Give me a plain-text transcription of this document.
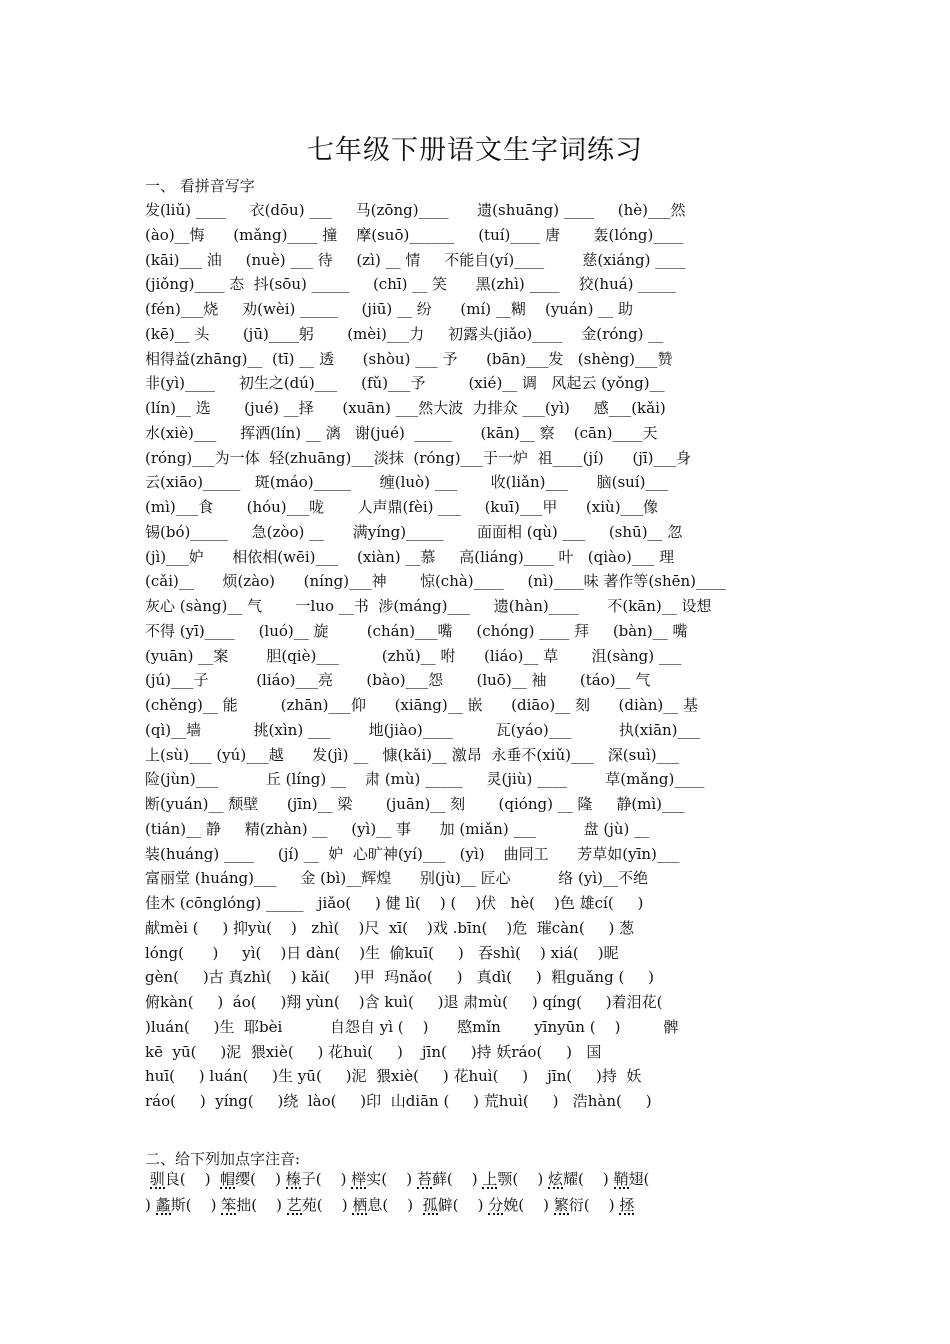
七年级下册语文生字词练习
一、 看拼音写字
发(liǔ) ____     衣(dōu) ___     马(zōng)____      遗(shuāng) ____     (hè)___然
(ào)__悔      (mǎng)____ 撞    摩(suō)______     (tuí)____ 唐       轰(lóng)____
(kāi)___ 油     (nuè) ___ 待     (zì) __ 情     不能自(yí)____        慈(xiáng) ____
(jiǒng)____ 态  抖(sōu) _____     (chī) __ 笑      黑(zhì) ____    狡(huá) _____
(fén)___烧     劝(wèi) _____     (jiū) __ 纷      (mí) __糊    (yuán) __ 助
(kē)__ 头       (jū)____躬       (mèi)___力     初露头(jiǎo)____    金(róng) __
相得益(zhāng)__  (tī) __ 透      (shòu) ___ 予      (bān)___发   (shèng)___赞
非(yì)____     初生之(dú)___     (fǔ)___予         (xié)__ 调   风起云 (yǒng)__
(lín)__ 选       (jué) __择      (xuān) ___然大波  力排众 ___(yì)     感___(kǎi)
水(xiè)___     挥洒(lín) __ 漓   谢(jué)  _____      (kān)__ 察    (cān)____天
(róng)___为一体  轻(zhuāng)___淡抹  (róng)___于一炉  祖____(jí)      (jī)___身
云(xiāo)_____   斑(máo)_____      缠(luò) ___       收(liǎn)___      脑(suí)___
(mì)___食       (hóu)___咙       人声鼎(fèi) ___     (kuī)___甲      (xiù)___像
锡(bó)_____     急(zòo) __      满yíng)_____       面面相 (qù) ___     (shū)__ 忽
(jì)___妒      相依相(wēi)___    (xiàn) __慕     高(liáng)____ 叶   (qiào)___ 理
(cǎi)__      烦(zào)      (níng)___神       惊(chà)____     (nì)____味 著作等(shēn)____
灰心 (sàng)__ 气       一luo __书  涉(máng)___     遗(hàn)____      不(kān)__ 设想
不得 (yī)____     (luó)__ 旋        (chán)___嘴     (chóng) ____ 拜     (bàn)__ 嘴
(yuān) __案        胆(qiè)___         (zhǔ)__ 咐      (liáo)__ 草       沮(sàng) ___
(jú)___子          (liáo)___亮       (bào)___怨       (luō)__ 袖       (táo)__ 气
(chěng)__ 能         (zhān)___仰      (xiāng)__ 嵌      (diāo)__ 刻      (diàn)__ 基
(qì)__墙           挑(xìn) ___        地(jiào)____         瓦(yáo)___          执(xiān)___
上(sù)___ (yú)___越      发(jì) __   慷(kǎi)__ 激昂  永垂不(xiǔ)___   深(suì)___
险(jùn)___          丘 (líng) __    肃 (mù) _____     灵(jiù) ____        草(mǎng)____
断(yuán)__ 颓壁      (jīn)__ 梁       (juān)__ 刻       (qióng) __ 隆     静(mì)___
(tián)__ 静     精(zhàn) __     (yì)__ 事      加 (miǎn) ___          盘 (jù) __
装(huáng) ____     (jí) __  妒  心旷神(yí)___   (yì)    曲同工      芳草如(yīn)___
富丽堂 (huáng)___     金 (bì)__辉煌      别(jù)__ 匠心          络 (yì)__不绝
佳木 (cōnglóng) _____   jiǎo(     ) 健 lì(    ) (    )伏   hè(    )色 雄cí(     )
献mèi (     ) 抑yù(    )   zhì(    )尺  xī(    )戏 .bīn(    )危  璀càn(     ) 葱
lóng(      )     yì(    )日 dàn(    )生  偷kuī(     )   吞shì(    ) xiá(    )昵
gèn(     )古 真zhì(    ) kǎi(     )甲  玛nǎo(     )   真dì(     )  粗guǎng (     )
俯kàn(     )  áo(     )翔 yùn(    )含 kuì(     )退 肃mù(     ) qíng(     )着泪花(
)luán(     )生  耶bèi          自怨自 yì (    )      愍mǐn       yīnyūn (    )         髀
kē  yū(     )泥  猥xiè(     ) 花huì(     )    jīn(     )持 妖ráo(     )   国
huī(     ) luán(     )生 yū(     )泥  猥xiè(     ) 花huì(     )    jīn(     )持  妖
ráo(     )  yíng(     )绕  lào(     )印  山diān (     ) 荒huì(     )   浩hàn(     )
二、给下列加点字注音:
驯良(    )  帽缨(    ) 榛子(    ) 榉实(    ) 苔藓(    ) 上颚(    ) 炫耀(    ) 鞘翅(
) 蠡斯(    ) 笨拙(    ) 艺苑(    ) 栖息(    )  孤僻(    ) 分娩(    ) 繁衍(    ) 拯
